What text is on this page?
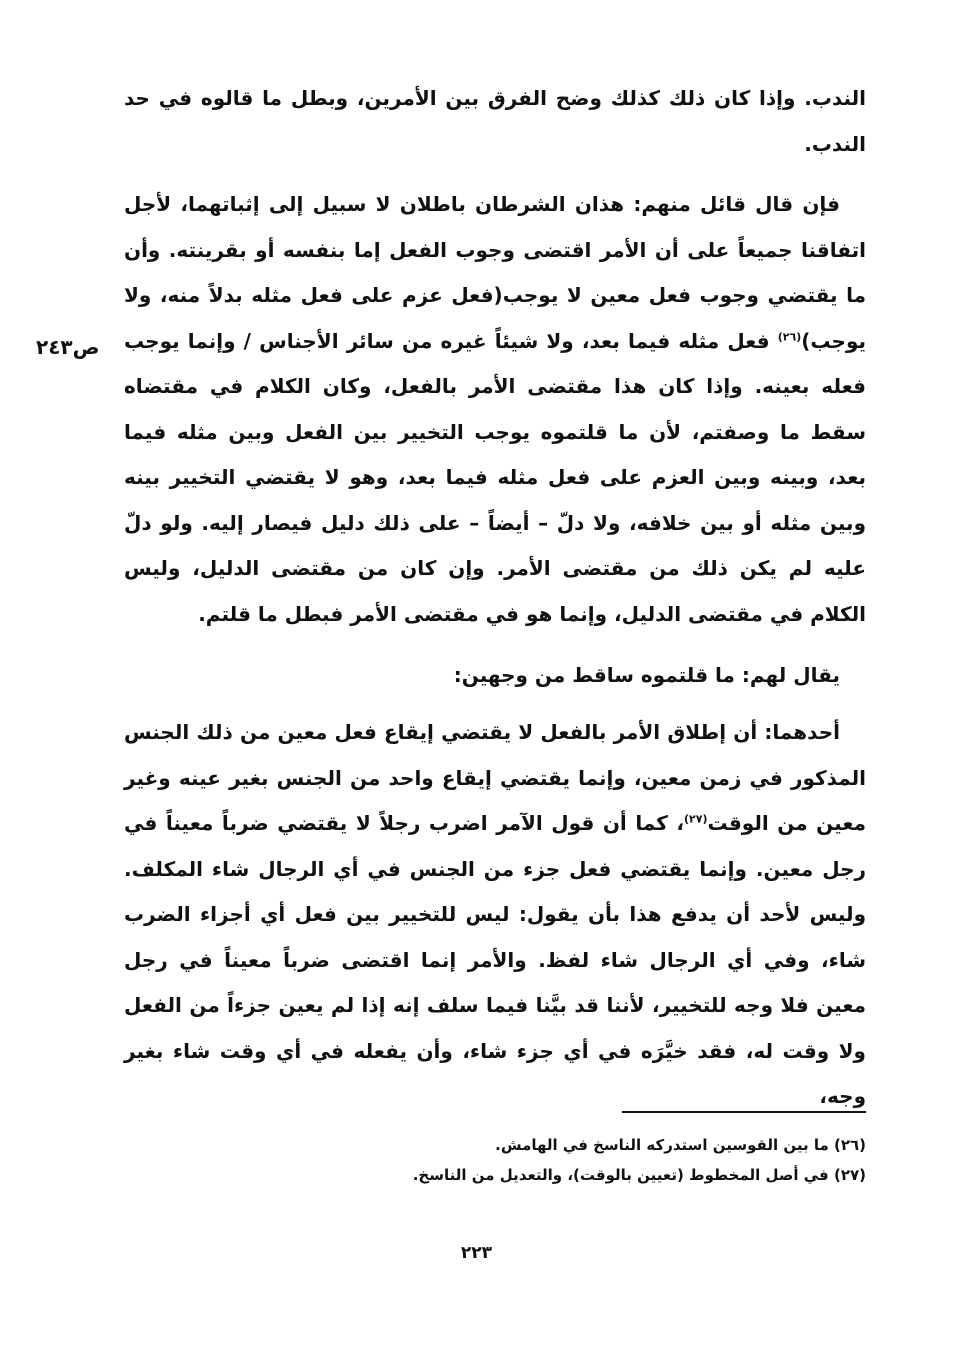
الندب. وإذا كان ذلك كذلك وضح الفرق بين الأمرين، وبطل ما قالوه في حد الندب.

فإن قال قائل منهم: هذان الشرطان باطلان لا سبيل إلى إثباتهما، لأجل اتفاقنا جميعاً على أن الأمر اقتضى وجوب الفعل إما بنفسه أو بقرينته. وأن ما يقتضي وجوب فعل معين لا يوجب(فعل عزم على فعل مثله بدلاً منه، ولا يوجب)$^{(٢٦)}$ فعل مثله فيما بعد، ولا شيئاً غيره من سائر الأجناس / وإنما يوجب فعله بعينه. وإذا كان هذا مقتضى الأمر بالفعل، وكان الكلام في مقتضاه سقط ما وصفتم، لأن ما قلتموه يوجب التخيير بين الفعل وبين مثله فيما بعد، وبينه وبين العزم على فعل مثله فيما بعد، وهو لا يقتضي التخيير بينه وبين مثله أو بين خلافه، ولا دلّ – أيضاً – على ذلك دليل فيصار إليه. ولو دلّ عليه لم يكن ذلك من مقتضى الأمر. وإن كان من مقتضى الدليل، وليس الكلام في مقتضى الدليل، وإنما هو في مقتضى الأمر فبطل ما قلتم.

ص٢٤٣

يقال لهم: ما قلتموه ساقط من وجهين:

أحدهما: أن إطلاق الأمر بالفعل لا يقتضي إيقاع فعل معين من ذلك الجنس المذكور في زمن معين، وإنما يقتضي إيقاع واحد من الجنس بغير عينه وغير معين من الوقت$^{(٢٧)}$، كما أن قول الآمر اضرب رجلاً لا يقتضي ضرباً معيناً في رجل معين. وإنما يقتضي فعل جزء من الجنس في أي الرجال شاء المكلف. وليس لأحد أن يدفع هذا بأن يقول: ليس للتخيير بين فعل أي أجزاء الضرب شاء، وفي أي الرجال شاء لفظ. والأمر إنما اقتضى ضرباً معيناً في رجل معين فلا وجه للتخيير، لأننا قد بيَّنا فيما سلف إنه إذا لم يعين جزءاً من الفعل ولا وقت له، فقد خيَّرَه في أي جزء شاء، وأن يفعله في أي وقت شاء بغير وجه،

(٢٦) ما بين القوسين استدركه الناسخ في الهامش.

(٢٧) في أصل المخطوط (تعيين بالوقت)، والتعديل من الناسخ.

٢٢٣
